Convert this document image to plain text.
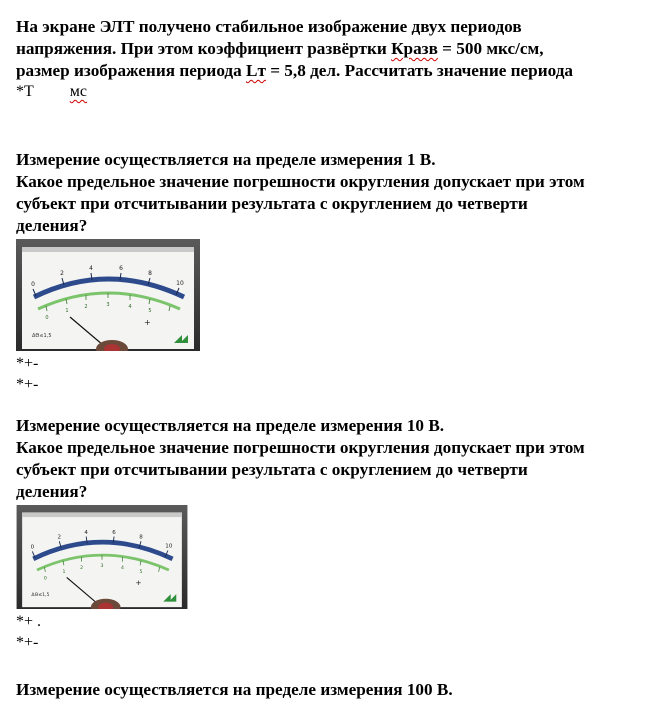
На экране ЭЛТ получено стабильное изображение двух периодов
напряжения. При этом коэффициент развёртки Кразв = 500 мкс/см,
размер изображения периода Lт = 5,8 дел. Рассчитать значение периода
*Т мс
Измерение осуществляется на пределе измерения 1 В.
Какое предельное значение погрешности округления допускает при этом
субъект при отсчитывании результата с округлением до четверти
деления?
*+-
*+-
Измерение осуществляется на пределе измерения 10 В.
Какое предельное значение погрешности округления допускает при этом
субъект при отсчитывании результата с округлением до четверти
деления?
*+ .
*+-
Измерение осуществляется на пределе измерения 100 В.
